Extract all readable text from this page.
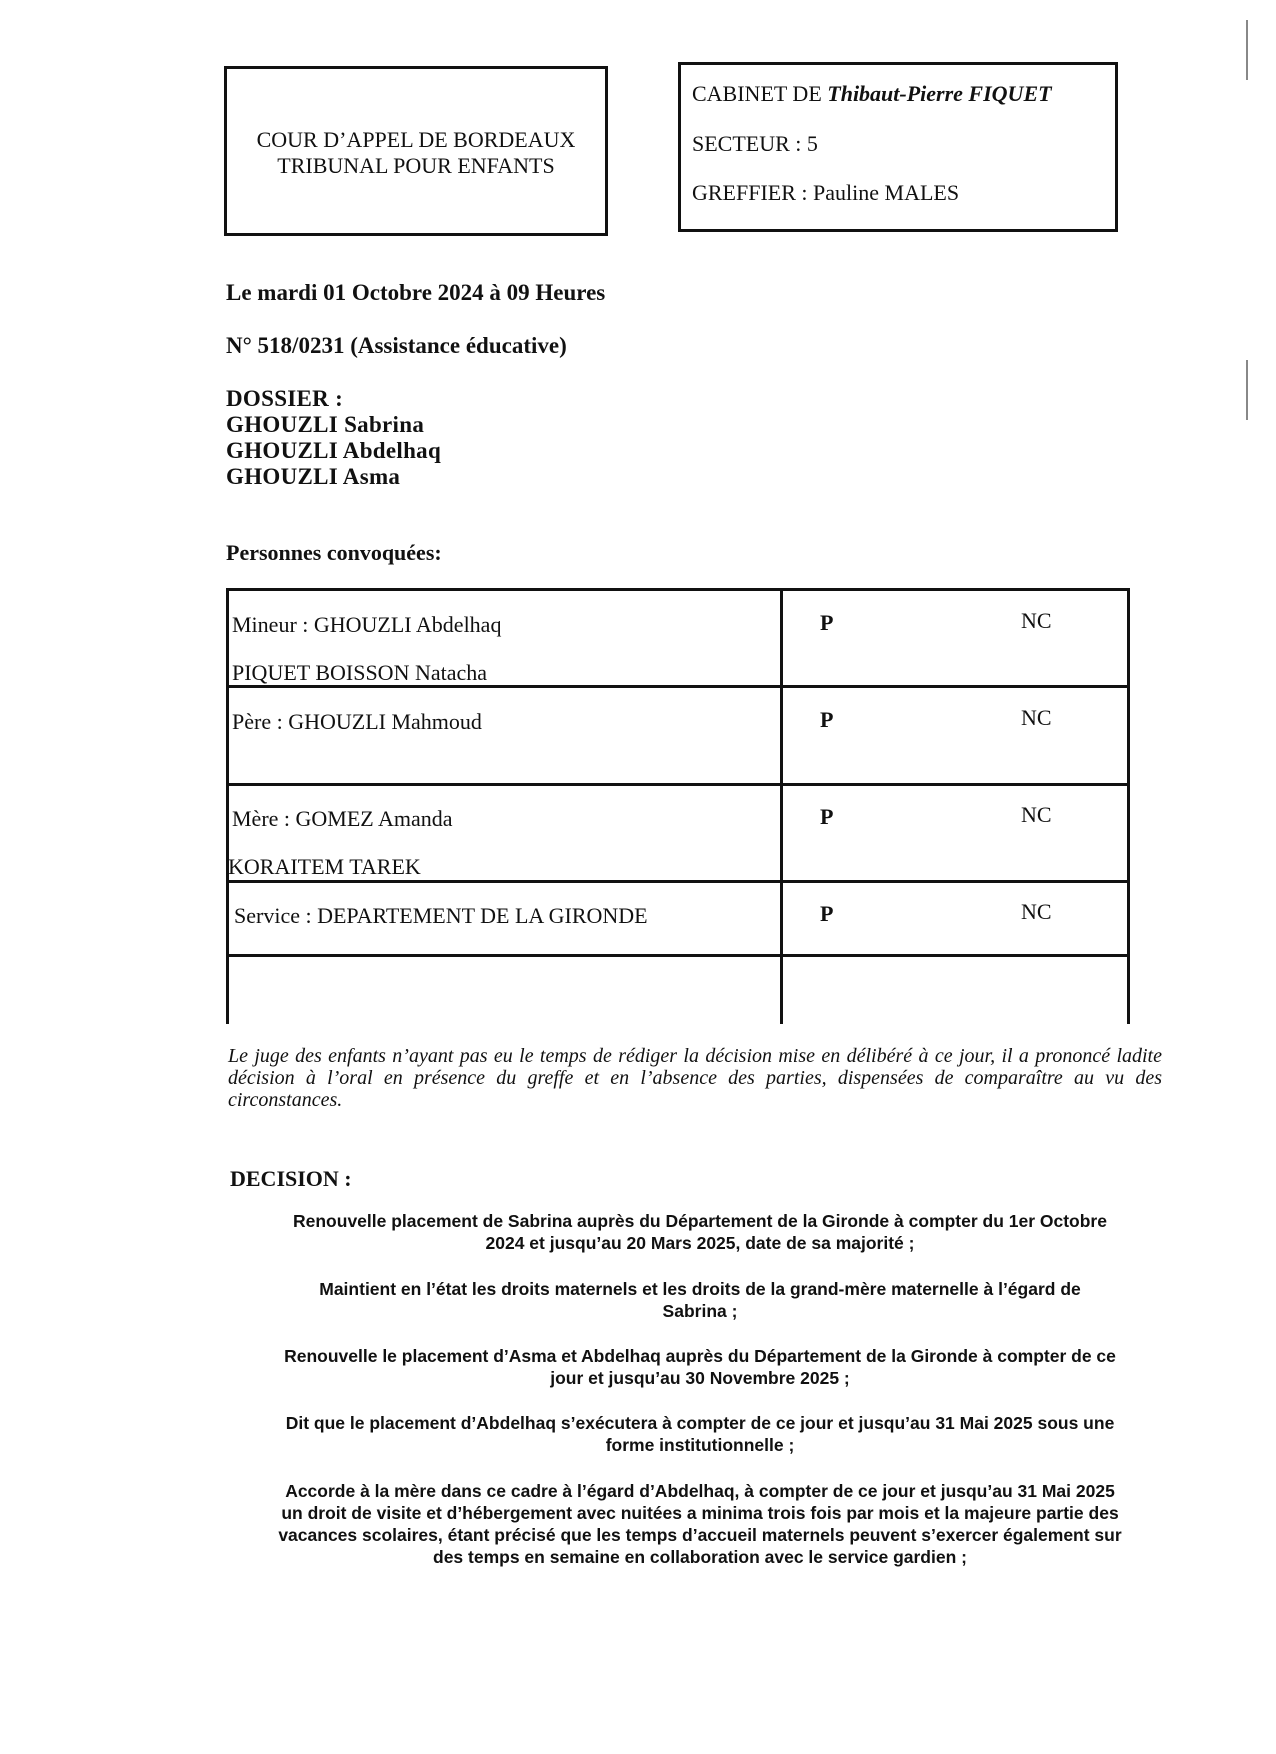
COUR D’APPEL DE BORDEAUX
TRIBUNAL POUR ENFANTS
CABINET DE Thibaut-Pierre FIQUET
SECTEUR : 5
GREFFIER : Pauline MALES
Le mardi 01 Octobre 2024 à 09 Heures
N° 518/0231 (Assistance éducative)
DOSSIER :
GHOUZLI Sabrina
GHOUZLI Abdelhaq
GHOUZLI Asma
Personnes convoquées:
Mineur : GHOUZLI Abdelhaq
PIQUET BOISSON Natacha
P	NC
Père : GHOUZLI Mahmoud	P	NC
Mère : GOMEZ Amanda
KORAITEM TAREK
P	NC
Service : DEPARTEMENT DE LA GIRONDE	P	NC
Le juge des enfants n’ayant pas eu le temps de rédiger la décision mise en délibéré à ce jour, il a prononcé ladite décision à l’oral en présence du greffe et en l’absence des parties, dispensées de comparaître au vu des circonstances.
DECISION :
Renouvelle placement de Sabrina auprès du Département de la Gironde à compter du 1er Octobre
2024 et jusqu’au 20 Mars 2025, date de sa majorité ;
Maintient en l’état les droits maternels et les droits de la grand-mère maternelle à l’égard de
Sabrina ;
Renouvelle le placement d’Asma et Abdelhaq auprès du Département de la Gironde à compter de ce
jour et jusqu’au 30 Novembre 2025 ;
Dit que le placement d’Abdelhaq s’exécutera à compter de ce jour et jusqu’au 31 Mai 2025 sous une
forme institutionnelle ;
Accorde à la mère dans ce cadre à l’égard d’Abdelhaq, à compter de ce jour et jusqu’au 31 Mai 2025
un droit de visite et d’hébergement avec nuitées a minima trois fois par mois et la majeure partie des
vacances scolaires, étant précisé que les temps d’accueil maternels peuvent s’exercer également sur
des temps en semaine en collaboration avec le service gardien ;
